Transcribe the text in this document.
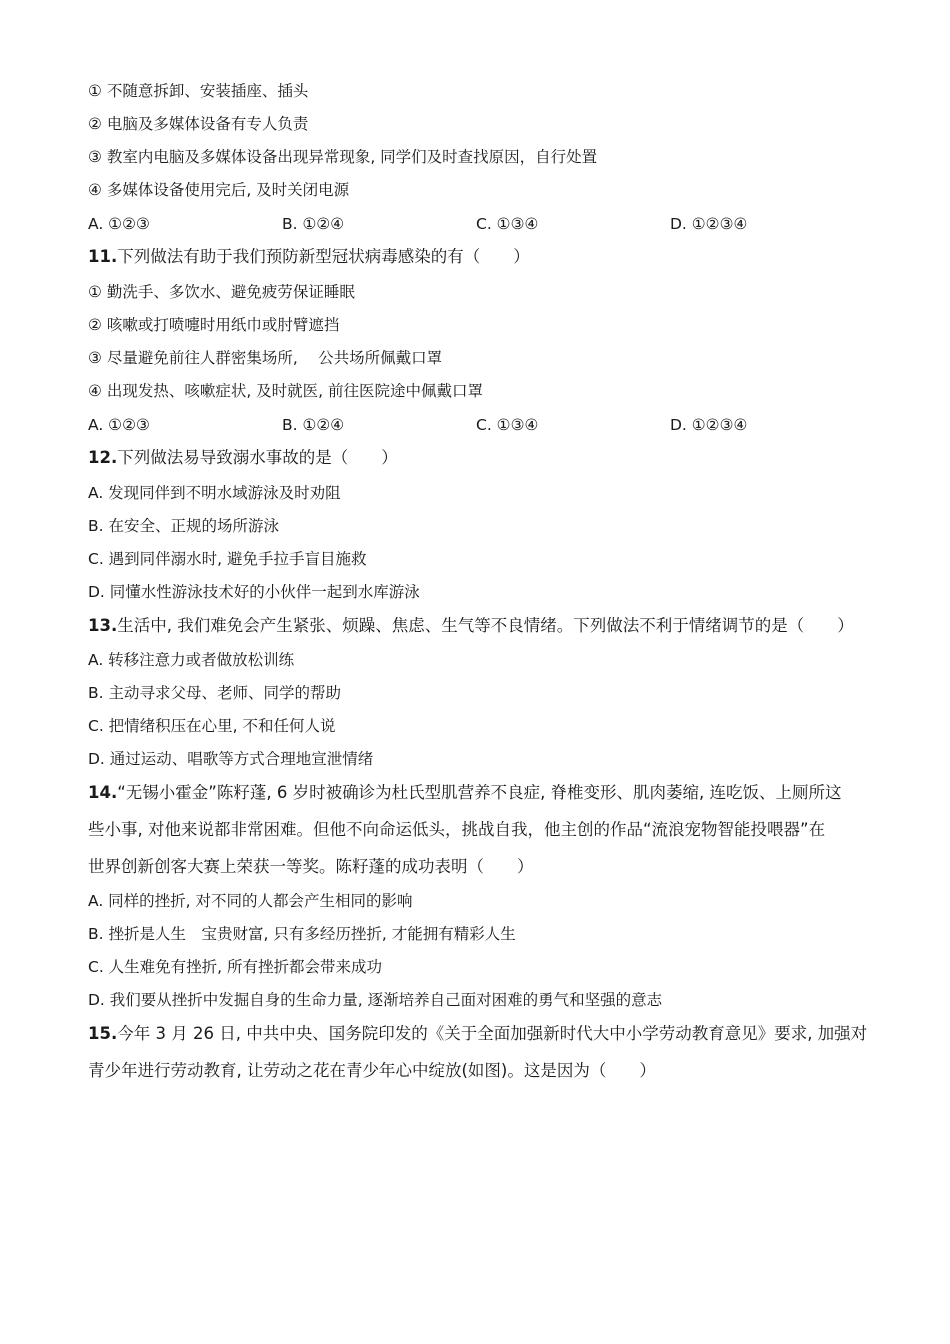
① 不随意拆卸、安装插座、插头
② 电脑及多媒体设备有专人负责
③ 教室内电脑及多媒体设备出现异常现象, 同学们及时查找原因，自行处置
④ 多媒体设备使用完后, 及时关闭电源
A. ①②③	B. ①②④	C. ①③④	D. ①②③④
11.下列做法有助于我们预防新型冠状病毒感染的有（　　）
① 勤洗手、多饮水、避免疲劳保证睡眠
② 咳嗽或打喷嚏时用纸巾或肘臂遮挡
③ 尽量避免前往人群密集场所,　 公共场所佩戴口罩
④ 出现发热、咳嗽症状, 及时就医, 前往医院途中佩戴口罩
A. ①②③	B. ①②④	C. ①③④	D. ①②③④
12.下列做法易导致溺水事故的是（　　）
A. 发现同伴到不明水域游泳及时劝阻
B. 在安全、正规的场所游泳
C. 遇到同伴溺水时, 避免手拉手盲目施救
D. 同懂水性游泳技术好的小伙伴一起到水库游泳
13.生活中, 我们难免会产生紧张、烦躁、焦虑、生气等不良情绪。下列做法不利于情绪调节的是（　　）
A. 转移注意力或者做放松训练
B. 主动寻求父母、老师、同学的帮助
C. 把情绪积压在心里, 不和任何人说
D. 通过运动、唱歌等方式合理地宣泄情绪
14.“无锡小霍金”陈籽蓬, 6 岁时被确诊为杜氏型肌营养不良症, 脊椎变形、肌肉萎缩, 连吃饭、上厕所这
些小事, 对他来说都非常困难。但他不向命运低头，挑战自我，他主创的作品“流浪宠物智能投喂器”在
世界创新创客大赛上荣获一等奖。陈籽蓬的成功表明（　　）
A. 同样的挫折, 对不同的人都会产生相同的影响
B. 挫折是人生　宝贵财富, 只有多经历挫折, 才能拥有精彩人生
C. 人生难免有挫折, 所有挫折都会带来成功
D. 我们要从挫折中发掘自身的生命力量, 逐渐培养自己面对困难的勇气和坚强的意志
15.今年 3 月 26 日, 中共中央、国务院印发的《关于全面加强新时代大中小学劳动教育意见》要求, 加强对
青少年进行劳动教育, 让劳动之花在青少年心中绽放(如图)。这是因为（　　）
